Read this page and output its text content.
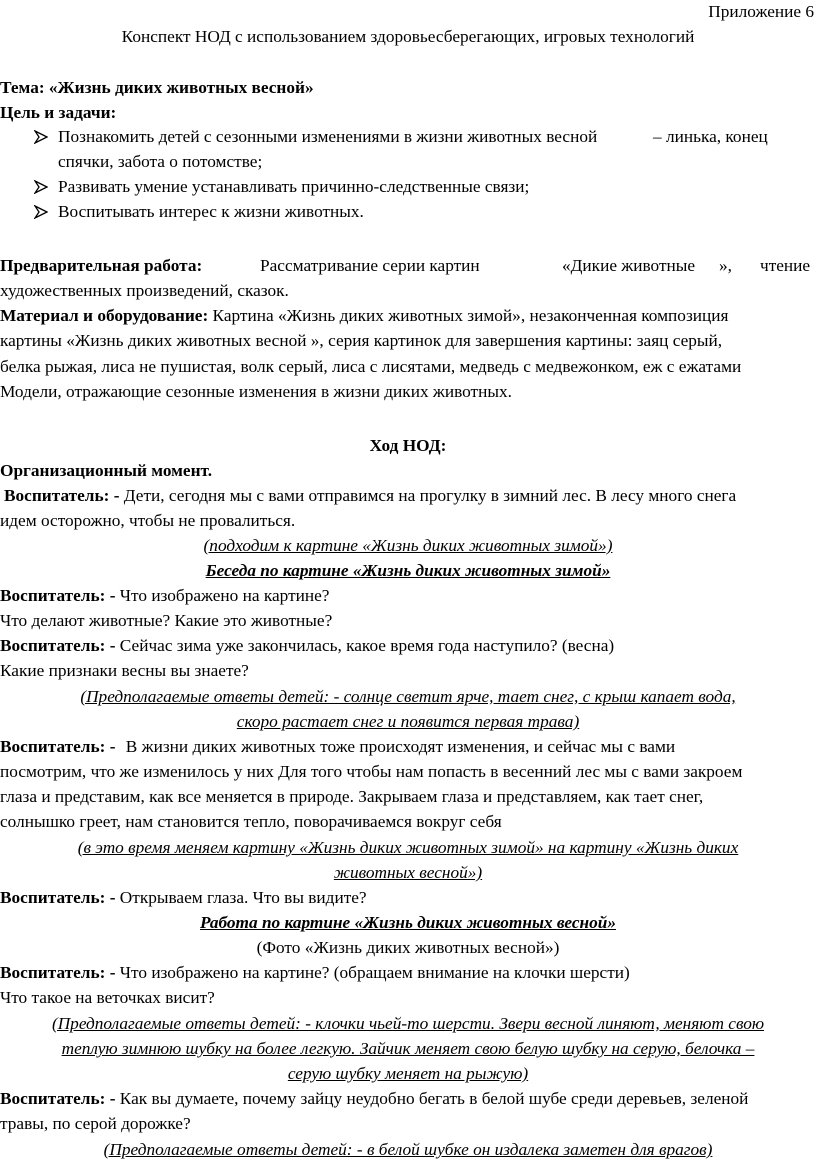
Приложение 6
Конспект НОД с использованием здоровьесберегающих, игровых технологий
Тема: «Жизнь диких животных весной»
Цель и задачи:
Познакомить детей с сезонными изменениями в жизни животных весной	– линька, конец
спячки, забота о потомстве;
Развивать умение устанавливать причинно-следственные связи;
Воспитывать интерес к жизни животных.
Предварительная работа:	Рассматривание серии картин	«Дикие животные », чтение
художественных произведений, сказок.
Материал и оборудование: Картина «Жизнь диких животных зимой», незаконченная композиция
картины «Жизнь диких животных весной », серия картинок для завершения картины: заяц серый,
белка рыжая, лиса не пушистая, волк серый, лиса с лисятами, медведь с медвежонком, еж с ежатами
Модели, отражающие сезонные изменения в жизни диких животных.
Ход НОД:
Организационный момент.
Воспитатель: - Дети, сегодня мы с вами отправимся на прогулку в зимний лес. В лесу много снега
идем осторожно, чтобы не провалиться.
(подходим к картине «Жизнь диких животных зимой»)
Беседа по картине «Жизнь диких животных зимой»
Воспитатель: - Что изображено на картине?
Что делают животные? Какие это животные?
Воспитатель: - Сейчас зима уже закончилась, какое время года наступило? (весна)
Какие признаки весны вы знаете?
(Предполагаемые ответы детей: - солнце светит ярче, тает снег, с крыш капает вода,
скоро растает снег и появится первая трава)
Воспитатель: - В жизни диких животных тоже происходят изменения, и сейчас мы с вами
посмотрим, что же изменилось у них Для того чтобы нам попасть в весенний лес мы с вами закроем
глаза и представим, как все меняется в природе. Закрываем глаза и представляем, как тает снег,
солнышко греет, нам становится тепло, поворачиваемся вокруг себя
(в это время меняем картину «Жизнь диких животных зимой» на картину «Жизнь диких
животных весной»)
Воспитатель: - Открываем глаза. Что вы видите?
Работа по картине «Жизнь диких животных весной»
(Фото «Жизнь диких животных весной»)
Воспитатель: - Что изображено на картине? (обращаем внимание на клочки шерсти)
Что такое на веточках висит?
(Предполагаемые ответы детей: - клочки чьей-то шерсти. Звери весной линяют, меняют свою
теплую зимнюю шубку на более легкую. Зайчик меняет свою белую шубку на серую, белочка –
серую шубку меняет на рыжую)
Воспитатель: - Как вы думаете, почему зайцу неудобно бегать в белой шубе среди деревьев, зеленой
травы, по серой дорожке?
(Предполагаемые ответы детей: - в белой шубке он издалека заметен для врагов)
